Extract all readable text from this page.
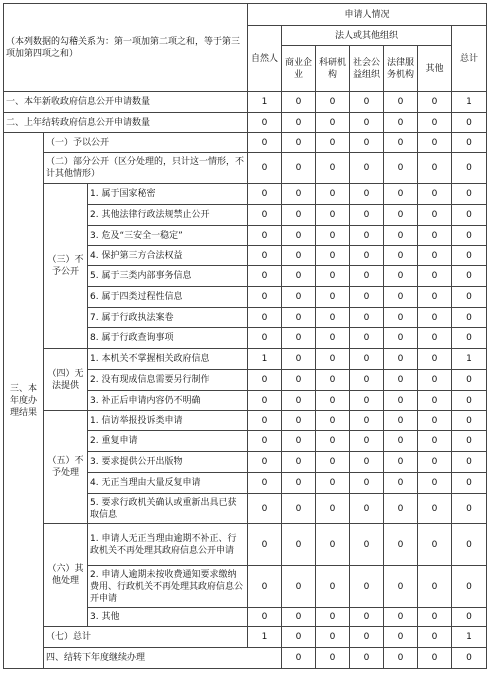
（本列数据的勾稽关系为：第一项加第二项之和，等于第三项加第四项之和）			申请人情况							
			自然人	法人或其他组织					总计	
				商业企业	科研机构	社会公益组织	法律服务机构	其他		
一、本年新收政府信息公开申请数量			1	0	0	0	0	0	1	
二、上年结转政府信息公开申请数量			0	0	0	0	0	0	0	
三、本年度办理结果	（一）予以公开		0	0	0	0	0	0	0	
	（二）部分公开（区分处理的，只计这一情形，不计其他情形）		0	0	0	0	0	0	0	
	（三）不予公开	1. 属于国家秘密	0	0	0	0	0	0	0	
		2. 其他法律行政法规禁止公开	0	0	0	0	0	0	0	
		3. 危及“三安全一稳定”	0	0	0	0	0	0	0	
		4. 保护第三方合法权益	0	0	0	0	0	0	0	
		5. 属于三类内部事务信息	0	0	0	0	0	0	0	
		6. 属于四类过程性信息	0	0	0	0	0	0	0	
		7. 属于行政执法案卷	0	0	0	0	0	0	0	
		8. 属于行政查询事项	0	0	0	0	0	0	0	
	（四）无法提供	1. 本机关不掌握相关政府信息	1	0	0	0	0	0	1	
		2. 没有现成信息需要另行制作	0	0	0	0	0	0	0	
		3. 补正后申请内容仍不明确	0	0	0	0	0	0	0	
	（五）不予处理	1. 信访举报投诉类申请	0	0	0	0	0	0	0	
		2. 重复申请	0	0	0	0	0	0	0	
		3. 要求提供公开出版物	0	0	0	0	0	0	0	
		4. 无正当理由大量反复申请	0	0	0	0	0	0	0	
		5. 要求行政机关确认或重新出具已获取信息	0	0	0	0	0	0	0	
	（六）其他处理	1. 申请人无正当理由逾期不补正、行政机关不再处理其政府信息公开申请	0	0	0	0	0	0	0	
		2. 申请人逾期未按收费通知要求缴纳费用、行政机关不再处理其政府信息公开申请	0	0	0	0	0	0	0	
		3. 其他	0	0	0	0	0	0	0	
	（七）总计		1	0	0	0	0	0	1	
	四、结转下年度继续办理			0	0	0	0	0	0	
